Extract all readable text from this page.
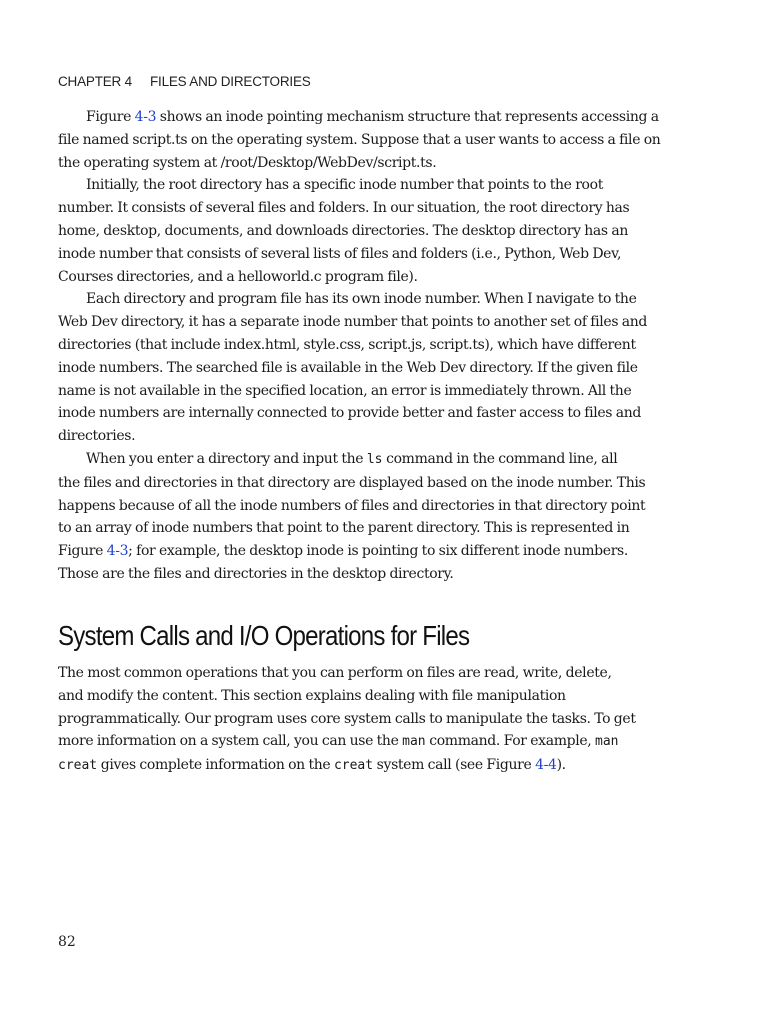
CHAPTER 4 FILES AND DIRECTORIES
Figure 4-3 shows an inode pointing mechanism structure that represents accessing a
file named script.ts on the operating system. Suppose that a user wants to access a file on
the operating system at /root/Desktop/WebDev/script.ts.
Initially, the root directory has a specific inode number that points to the root
number. It consists of several files and folders. In our situation, the root directory has
home, desktop, documents, and downloads directories. The desktop directory has an
inode number that consists of several lists of files and folders (i.e., Python, Web Dev,
Courses directories, and a helloworld.c program file).
Each directory and program file has its own inode number. When I navigate to the
Web Dev directory, it has a separate inode number that points to another set of files and
directories (that include index.html, style.css, script.js, script.ts), which have different
inode numbers. The searched file is available in the Web Dev directory. If the given file
name is not available in the specified location, an error is immediately thrown. All the
inode numbers are internally connected to provide better and faster access to files and
directories.
When you enter a directory and input the ls command in the command line, all
the files and directories in that directory are displayed based on the inode number. This
happens because of all the inode numbers of files and directories in that directory point
to an array of inode numbers that point to the parent directory. This is represented in
Figure 4-3; for example, the desktop inode is pointing to six different inode numbers.
Those are the files and directories in the desktop directory.
System Calls and I/O Operations for Files
The most common operations that you can perform on files are read, write, delete,
and modify the content. This section explains dealing with file manipulation
programmatically. Our program uses core system calls to manipulate the tasks. To get
more information on a system call, you can use the man command. For example, man
creat gives complete information on the creat system call (see Figure 4-4).
82
